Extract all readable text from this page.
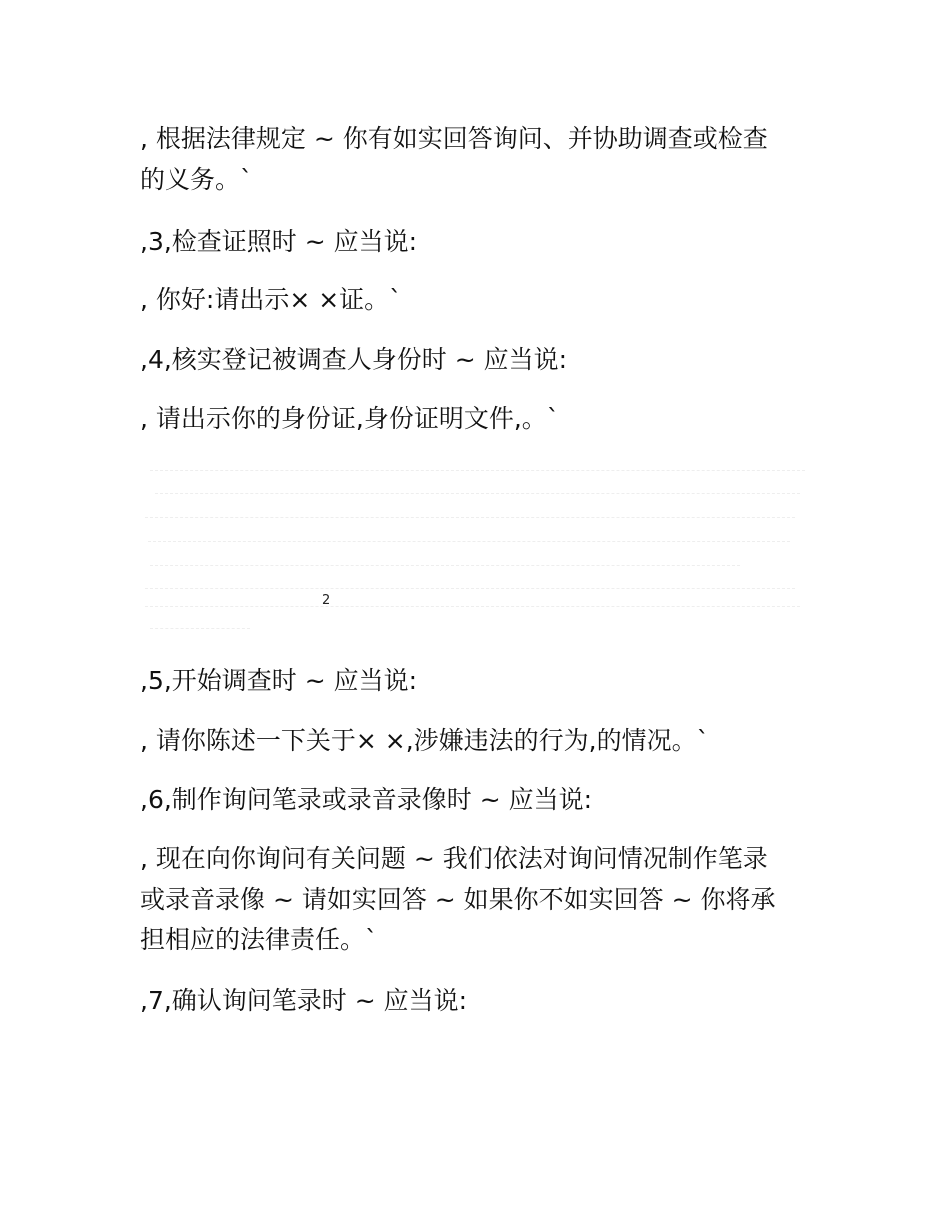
, 根据法律规定 ~ 你有如实回答询问、并协助调查或检查

的义务。`

,3,检查证照时 ~ 应当说:

, 你好:请出示× ×证。`

,4,核实登记被调查人身份时 ~ 应当说:

, 请出示你的身份证,身份证明文件,。`

2

,5,开始调查时 ~ 应当说:

, 请你陈述一下关于× ×,涉嫌违法的行为,的情况。`

,6,制作询问笔录或录音录像时 ~ 应当说:

, 现在向你询问有关问题 ~ 我们依法对询问情况制作笔录

或录音录像 ~ 请如实回答 ~ 如果你不如实回答 ~ 你将承

担相应的法律责任。`

,7,确认询问笔录时 ~ 应当说:
